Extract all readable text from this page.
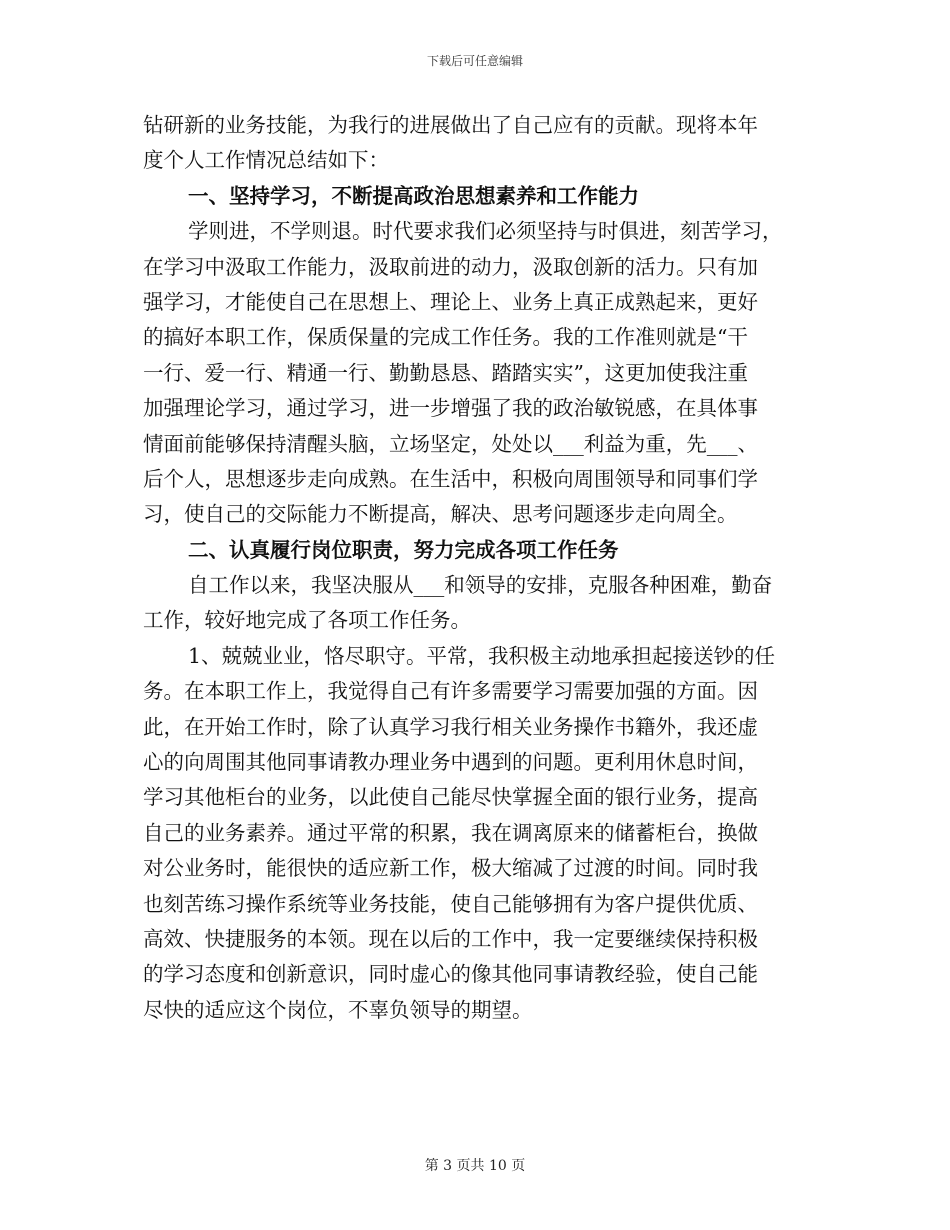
下载后可任意编辑
钻研新的业务技能，为我行的进展做出了自己应有的贡献。现将本年
度个人工作情况总结如下：
一、坚持学习，不断提高政治思想素养和工作能力
学则进，不学则退。时代要求我们必须坚持与时俱进，刻苦学习，
在学习中汲取工作能力，汲取前进的动力，汲取创新的活力。只有加
强学习，才能使自己在思想上、理论上、业务上真正成熟起来，更好
的搞好本职工作，保质保量的完成工作任务。我的工作准则就是“干
一行、爱一行、精通一行、勤勤恳恳、踏踏实实”，这更加使我注重
加强理论学习，通过学习，进一步增强了我的政治敏锐感，在具体事
情面前能够保持清醒头脑，立场坚定，处处以___利益为重，先___、
后个人，思想逐步走向成熟。在生活中，积极向周围领导和同事们学
习，使自己的交际能力不断提高，解决、思考问题逐步走向周全。
二、认真履行岗位职责，努力完成各项工作任务
自工作以来，我坚决服从___和领导的安排，克服各种困难，勤奋
工作，较好地完成了各项工作任务。
1、兢兢业业，恪尽职守。平常，我积极主动地承担起接送钞的任
务。在本职工作上，我觉得自己有许多需要学习需要加强的方面。因
此，在开始工作时，除了认真学习我行相关业务操作书籍外，我还虚
心的向周围其他同事请教办理业务中遇到的问题。更利用休息时间，
学习其他柜台的业务，以此使自己能尽快掌握全面的银行业务，提高
自己的业务素养。通过平常的积累，我在调离原来的储蓄柜台，换做
对公业务时，能很快的适应新工作，极大缩减了过渡的时间。同时我
也刻苦练习操作系统等业务技能，使自己能够拥有为客户提供优质、
高效、快捷服务的本领。现在以后的工作中，我一定要继续保持积极
的学习态度和创新意识，同时虚心的像其他同事请教经验，使自己能
尽快的适应这个岗位，不辜负领导的期望。
第 3 页共 10 页
